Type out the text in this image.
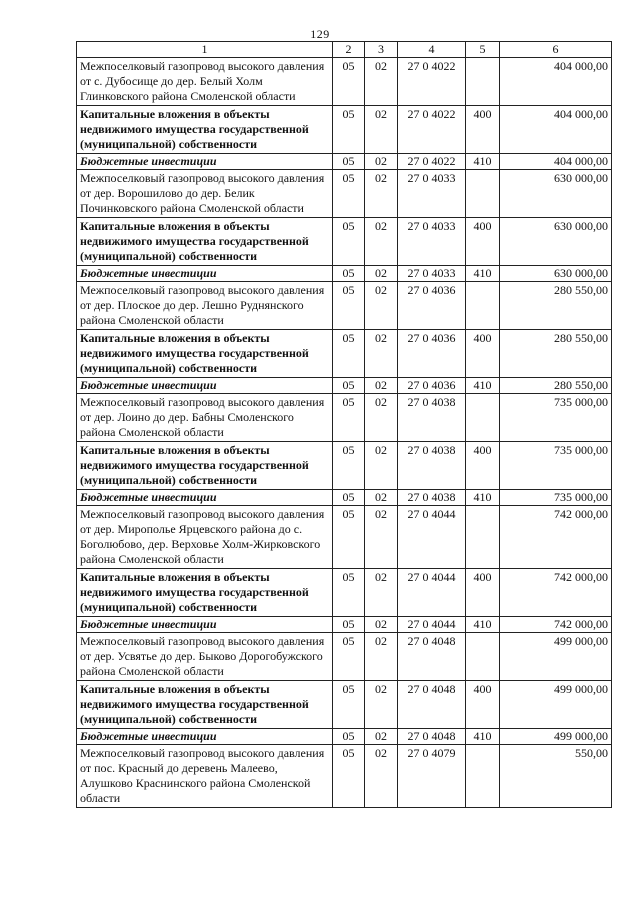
129
1	2	3	4	5	6
Межпоселковый газопровод высокого давления от с. Дубосище до дер. Белый Холм Глинковского района Смоленской области	05	02	27 0 4022		404 000,00
Капитальные вложения в объекты недвижимого имущества государственной (муниципальной) собственности	05	02	27 0 4022	400	404 000,00
Бюджетные инвестиции	05	02	27 0 4022	410	404 000,00
Межпоселковый газопровод высокого давления от дер. Ворошилово до дер. Белик Починковского района Смоленской области	05	02	27 0 4033		630 000,00
Капитальные вложения в объекты недвижимого имущества государственной (муниципальной) собственности	05	02	27 0 4033	400	630 000,00
Бюджетные инвестиции	05	02	27 0 4033	410	630 000,00
Межпоселковый газопровод высокого давления от дер. Плоское до дер. Лешно Руднянского района Смоленской области	05	02	27 0 4036		280 550,00
Капитальные вложения в объекты недвижимого имущества государственной (муниципальной) собственности	05	02	27 0 4036	400	280 550,00
Бюджетные инвестиции	05	02	27 0 4036	410	280 550,00
Межпоселковый газопровод высокого давления от дер. Лоино до дер. Бабны Смоленского района Смоленской области	05	02	27 0 4038		735 000,00
Капитальные вложения в объекты недвижимого имущества государственной (муниципальной) собственности	05	02	27 0 4038	400	735 000,00
Бюджетные инвестиции	05	02	27 0 4038	410	735 000,00
Межпоселковый газопровод высокого давления от дер. Мирополье Ярцевского района до с. Боголюбово, дер. Верховье Холм-Жирковского района Смоленской области	05	02	27 0 4044		742 000,00
Капитальные вложения в объекты недвижимого имущества государственной (муниципальной) собственности	05	02	27 0 4044	400	742 000,00
Бюджетные инвестиции	05	02	27 0 4044	410	742 000,00
Межпоселковый газопровод высокого давления от дер. Усвятье до дер. Быково Дорогобужского района Смоленской области	05	02	27 0 4048		499 000,00
Капитальные вложения в объекты недвижимого имущества государственной (муниципальной) собственности	05	02	27 0 4048	400	499 000,00
Бюджетные инвестиции	05	02	27 0 4048	410	499 000,00
Межпоселковый газопровод высокого давления от пос. Красный до деревень Малеево, Алушково Краснинского района Смоленской области	05	02	27 0 4079		550,00
